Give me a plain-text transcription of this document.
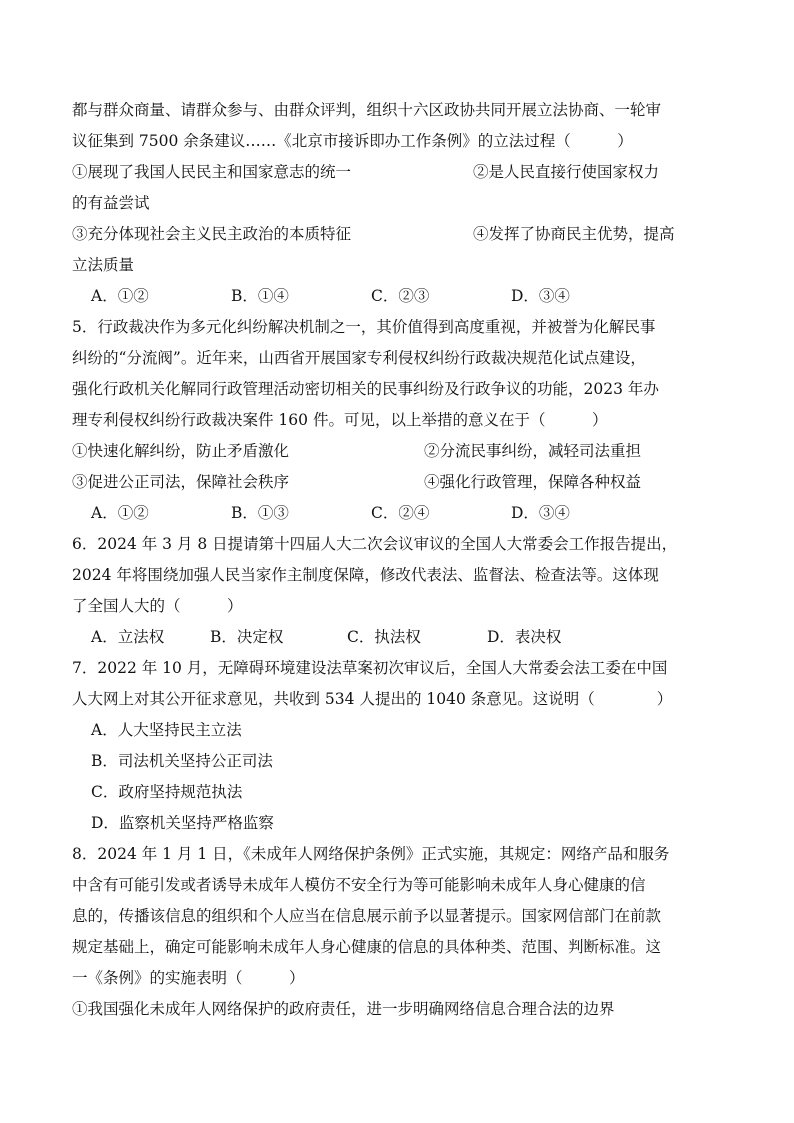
都与群众商量、请群众参与、由群众评判，组织十六区政协共同开展立法协商、一轮审
议征集到 7500 余条建议……《北京市接诉即办工作条例》的立法过程（　　　）
①展现了我国人民民主和国家意志的统一	②是人民直接行使国家权力
的有益尝试
③充分体现社会主义民主政治的本质特征	④发挥了协商民主优势，提高
立法质量
A．①②	B．①④	C．②③	D．③④
5．行政裁决作为多元化纠纷解决机制之一，其价值得到高度重视，并被誉为化解民事
纠纷的“分流阀”。近年来，山西省开展国家专利侵权纠纷行政裁决规范化试点建设，
强化行政机关化解同行政管理活动密切相关的民事纠纷及行政争议的功能，2023 年办
理专利侵权纠纷行政裁决案件 160 件。可见，以上举措的意义在于（　　　）
①快速化解纠纷，防止矛盾激化	②分流民事纠纷，减轻司法重担
③促进公正司法，保障社会秩序	④强化行政管理，保障各种权益
A．①②	B．①③	C．②④	D．③④
6．2024 年 3 月 8 日提请第十四届人大二次会议审议的全国人大常委会工作报告提出，
2024 年将围绕加强人民当家作主制度保障，修改代表法、监督法、检查法等。这体现
了全国人大的（　　　）
A．立法权	B．决定权	C．执法权	D．表决权
7．2022 年 10 月，无障碍环境建设法草案初次审议后，全国人大常委会法工委在中国
人大网上对其公开征求意见，共收到 534 人提出的 1040 条意见。这说明（　　　　）
A．人大坚持民主立法
B．司法机关坚持公正司法
C．政府坚持规范执法
D．监察机关坚持严格监察
8．2024 年 1 月 1 日，《未成年人网络保护条例》正式实施，其规定：网络产品和服务
中含有可能引发或者诱导未成年人模仿不安全行为等可能影响未成年人身心健康的信
息的，传播该信息的组织和个人应当在信息展示前予以显著提示。国家网信部门在前款
规定基础上，确定可能影响未成年人身心健康的信息的具体种类、范围、判断标准。这
一《条例》的实施表明（　　　）
①我国强化未成年人网络保护的政府责任，进一步明确网络信息合理合法的边界
